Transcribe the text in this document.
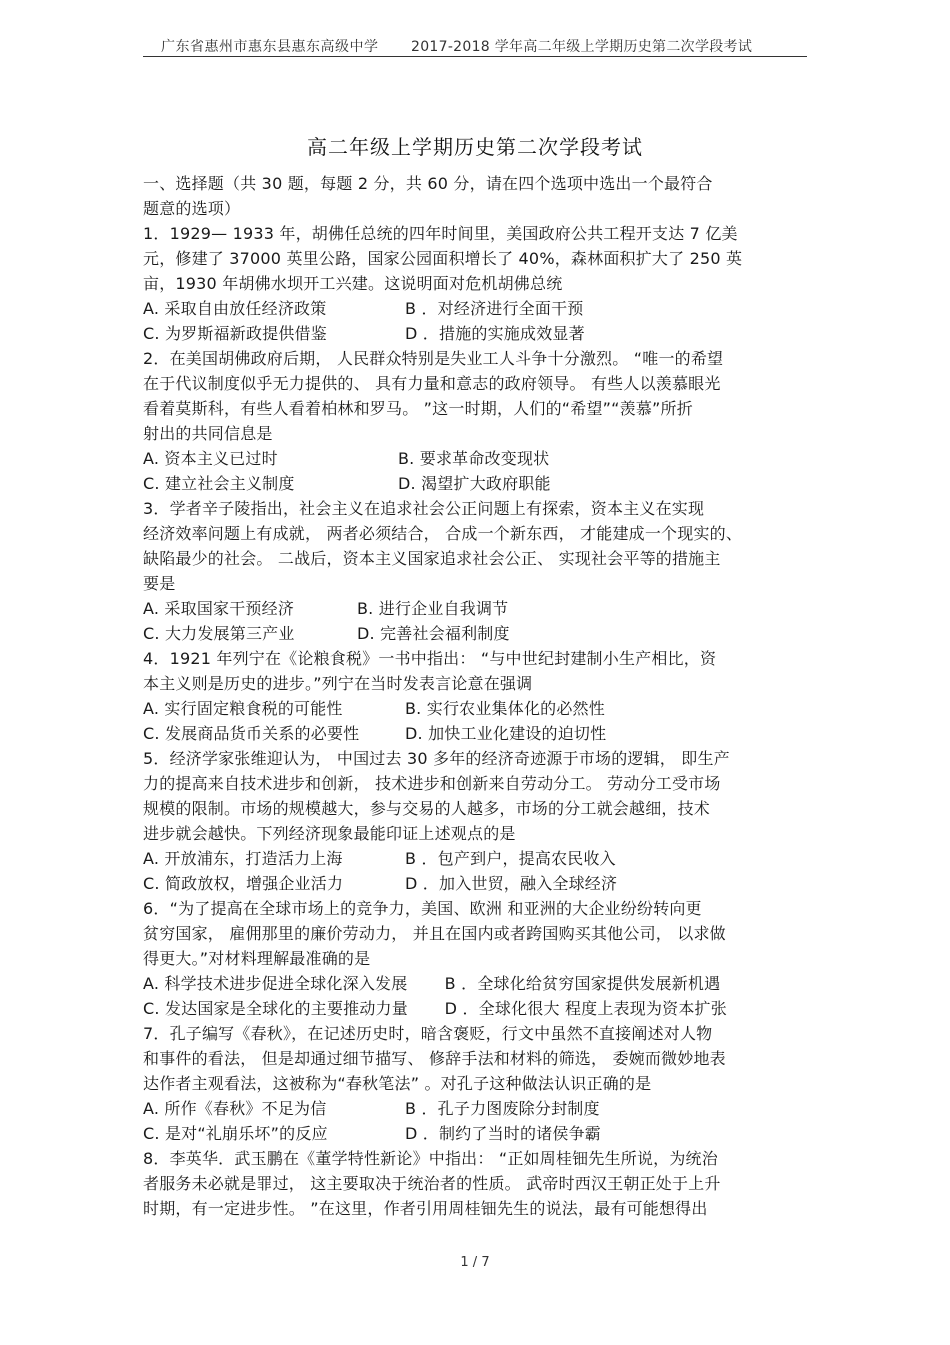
广东省惠州市惠东县惠东高级中学 2017-2018 学年高二年级上学期历史第二次学段考试
高二年级上学期历史第二次学段考试
一、选择题（共 30 题，每题 2 分，共 60 分，请在四个选项中选出一个最符合
题意的选项）
1．1929— 1933 年，胡佛任总统的四年时间里，美国政府公共工程开支达 7 亿美
元，修建了 37000 英里公路，国家公园面积增长了 40%，森林面积扩大了 250 英
亩，1930 年胡佛水坝开工兴建。这说明面对危机胡佛总统
A. 采取自由放任经济政策	B ．对经济进行全面干预
C. 为罗斯福新政提供借鉴	D ．措施的实施成效显著
2．在美国胡佛政府后期， 人民群众特别是失业工人斗争十分激烈。 “唯一的希望
在于代议制度似乎无力提供的、 具有力量和意志的政府领导。 有些人以羡慕眼光
看着莫斯科，有些人看着柏林和罗马。 ”这一时期，人们的“希望”“羡慕”所折
射出的共同信息是
A. 资本主义已过时	B. 要求革命改变现状
C. 建立社会主义制度	D. 渴望扩大政府职能
3．学者辛子陵指出，社会主义在追求社会公正问题上有探索，资本主义在实现
经济效率问题上有成就， 两者必须结合， 合成一个新东西， 才能建成一个现实的、
缺陷最少的社会。 二战后，资本主义国家追求社会公正、 实现社会平等的措施主
要是
A. 采取国家干预经济	B. 进行企业自我调节
C. 大力发展第三产业	D. 完善社会福利制度
4．1921 年列宁在《论粮食税》一书中指出： “与中世纪封建制小生产相比，资
本主义则是历史的进步。”列宁在当时发表言论意在强调
A. 实行固定粮食税的可能性	B. 实行农业集体化的必然性
C. 发展商品货币关系的必要性	D. 加快工业化建设的迫切性
5．经济学家张维迎认为， 中国过去 30 多年的经济奇迹源于市场的逻辑， 即生产
力的提高来自技术进步和创新， 技术进步和创新来自劳动分工。 劳动分工受市场
规模的限制。市场的规模越大，参与交易的人越多，市场的分工就会越细，技术
进步就会越快。下列经济现象最能印证上述观点的是
A. 开放浦东，打造活力上海	B ．包产到户，提高农民收入
C. 简政放权，增强企业活力	D ．加入世贸，融入全球经济
6．“为了提高在全球市场上的竞争力，美国、欧洲 和亚洲的大企业纷纷转向更
贫穷国家， 雇佣那里的廉价劳动力， 并且在国内或者跨国购买其他公司， 以求做
得更大。”对材料理解最准确的是
A. 科学技术进步促进全球化深入发展	B ．全球化给贫穷国家提供发展新机遇
C. 发达国家是全球化的主要推动力量	D ．全球化很大 程度上表现为资本扩张
7．孔子编写《春秋》，在记述历史时，暗含褒贬，行文中虽然不直接阐述对人物
和事件的看法， 但是却通过细节描写、 修辞手法和材料的筛选， 委婉而微妙地表
达作者主观看法，这被称为“春秋笔法” 。对孔子这种做法认识正确的是
A. 所作《春秋》不足为信	B ．孔子力图废除分封制度
C. 是对“礼崩乐坏”的反应	D ．制约了当时的诸侯争霸
8．李英华．武玉鹏在《董学特性新论》中指出： “正如周桂钿先生所说，为统治
者服务未必就是罪过， 这主要取决于统治者的性质。 武帝时西汉王朝正处于上升
时期，有一定进步性。 ”在这里，作者引用周桂钿先生的说法，最有可能想得出
1 / 7
